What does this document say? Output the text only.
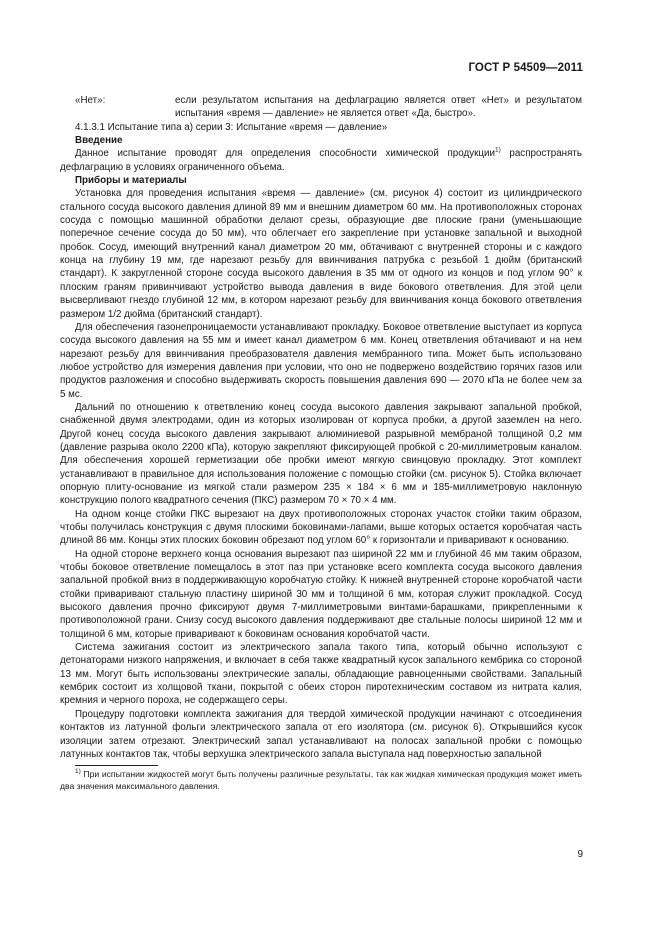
ГОСТ Р 54509—2011
«Нет»:	если результатом испытания на дефлаграцию является ответ «Нет» и результатом испытания «время — давление» не является ответ «Да, быстро».

4.1.3.1 Испытание типа а) серии 3: Испытание «время — давление»

Введение

Данное испытание проводят для определения способности химической продукции$^{1)}$ распространять дефлаграцию в условиях ограниченного объема.

Приборы и материалы

Установка для проведения испытания «время — давление» (см. рисунок 4) состоит из цилиндрического стального сосуда высокого давления длиной 89 мм и внешним диаметром 60 мм. На противоположных сторонах сосуда с помощью машинной обработки делают срезы, образующие две плоские грани (уменьшающие поперечное сечение сосуда до 50 мм), что облегчает его закрепление при установке запальной и выходной пробок. Сосуд, имеющий внутренний канал диаметром 20 мм, обтачивают с внутренней стороны и с каждого конца на глубину 19 мм, где нарезают резьбу для ввинчивания патрубка с резьбой 1 дюйм (британский стандарт). К закругленной стороне сосуда высокого давления в 35 мм от одного из концов и под углом 90° к плоским граням привинчивают устройство вывода давления в виде бокового ответвления. Для этой цели высверливают гнездо глубиной 12 мм, в котором нарезают резьбу для ввинчивания конца бокового ответвления размером 1/2 дюйма (британский стандарт).

Для обеспечения газонепроницаемости устанавливают прокладку. Боковое ответвление выступает из корпуса сосуда высокого давления на 55 мм и имеет канал диаметром 6 мм. Конец ответвления обтачивают и на нем нарезают резьбу для ввинчивания преобразователя давления мембранного типа. Может быть использовано любое устройство для измерения давления при условии, что оно не подвержено воздействию горячих газов или продуктов разложения и способно выдерживать скорость повышения давления 690 — 2070 кПа не более чем за 5 мс.

Дальний по отношению к ответвлению конец сосуда высокого давления закрывают запальной пробкой, снабженной двумя электродами, один из которых изолирован от корпуса пробки, а другой заземлен на него. Другой конец сосуда высокого давления закрывают алюминиевой разрывной мембраной толщиной 0,2 мм (давление разрыва около 2200 кПа), которую закрепляют фиксирующей пробкой с 20-миллиметровым каналом. Для обеспечения хорошей герметизации обе пробки имеют мягкую свинцовую прокладку. Этот комплект устанавливают в правильное для использования положение с помощью стойки (см. рисунок 5). Стойка включает опорную плиту-основание из мягкой стали размером 235 × 184 × 6 мм и 185-миллиметровую наклонную конструкцию полого квадратного сечения (ПКС) размером 70 × 70 × 4 мм.

На одном конце стойки ПКС вырезают на двух противоположных сторонах участок стойки таким образом, чтобы получилась конструкция с двумя плоскими боковинами-лапами, выше которых остается коробчатая часть длиной 86 мм. Концы этих плоских боковин обрезают под углом 60° к горизонтали и приваривают к основанию.

На одной стороне верхнего конца основания вырезают паз шириной 22 мм и глубиной 46 мм таким образом, чтобы боковое ответвление помещалось в этот паз при установке всего комплекта сосуда высокого давления запальной пробкой вниз в поддерживающую коробчатую стойку. К нижней внутренней стороне коробчатой части стойки приваривают стальную пластину шириной 30 мм и толщиной 6 мм, которая служит прокладкой. Сосуд высокого давления прочно фиксируют двумя 7-миллиметровыми винтами-барашками, прикрепленными к противоположной грани. Снизу сосуд высокого давления поддерживают две стальные полосы шириной 12 мм и толщиной 6 мм, которые приваривают к боковинам основания коробчатой части.

Система зажигания состоит из электрического запала такого типа, который обычно используют с детонаторами низкого напряжения, и включает в себя также квадратный кусок запального кембрика со стороной 13 мм. Могут быть использованы электрические запалы, обладающие равноценными свойствами. Запальный кембрик состоит из холщовой ткани, покрытой с обеих сторон пиротехническим составом из нитрата калия, кремния и черного пороха, не содержащего серы.

Процедуру подготовки комплекта зажигания для твердой химической продукции начинают с отсоединения контактов из латунной фольги электрического запала от его изолятора (см. рисунок 6). Открывшийся кусок изоляции затем отрезают. Электрический запал устанавливают на полосах запальной пробки с помощью латунных контактов так, чтобы верхушка электрического запала выступала над поверхностью запальной

$^{1)}$ При испытании жидкостей могут быть получены различные результаты, так как жидкая химическая продукция может иметь два значения максимального давления.

9
